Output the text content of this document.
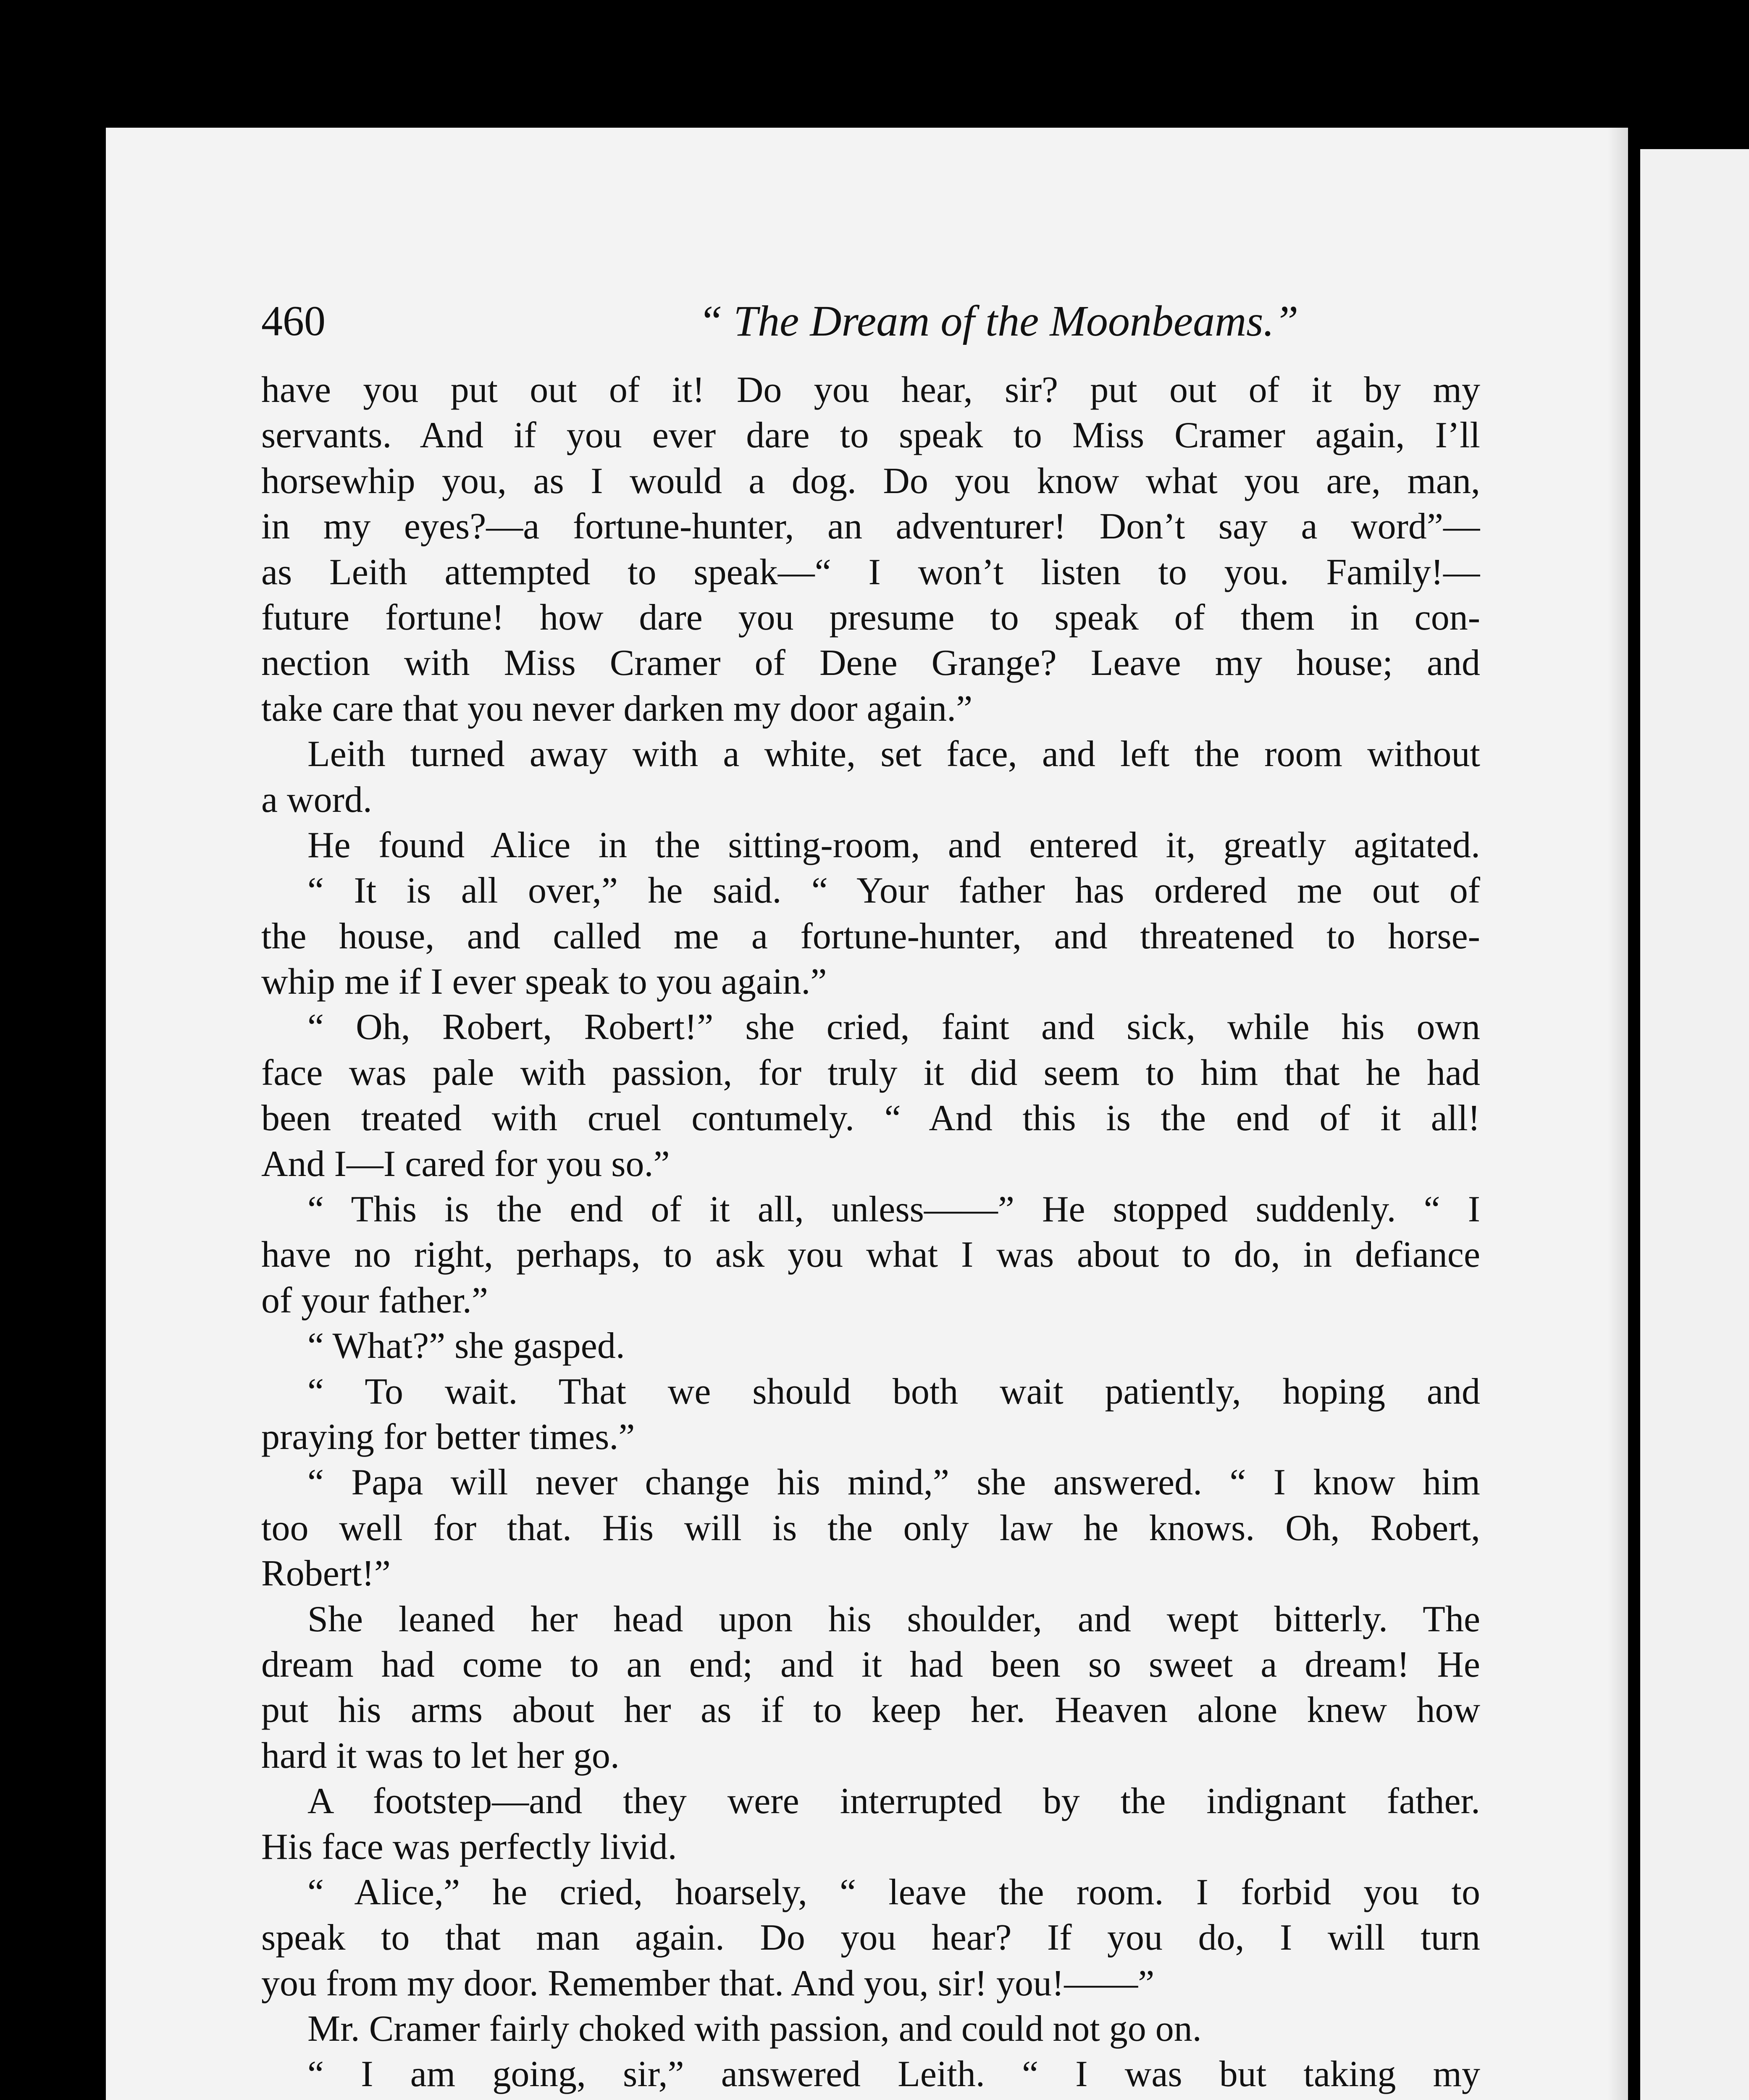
460	“ The Dream of the Moonbeams.”
have you put out of it! Do you hear, sir? put out of it by my
servants. And if you ever dare to speak to Miss Cramer again, I’ll
horsewhip you, as I would a dog. Do you know what you are, man,
in my eyes?—a fortune-hunter, an adventurer! Don’t say a word”—
as Leith attempted to speak—“ I won’t listen to you. Family!—
future fortune! how dare you presume to speak of them in con-
nection with Miss Cramer of Dene Grange? Leave my house; and
take care that you never darken my door again.”
Leith turned away with a white, set face, and left the room without
a word.
He found Alice in the sitting-room, and entered it, greatly agitated.
“ It is all over,” he said. “ Your father has ordered me out of
the house, and called me a fortune-hunter, and threatened to horse-
whip me if I ever speak to you again.”
“ Oh, Robert, Robert!” she cried, faint and sick, while his own
face was pale with passion, for truly it did seem to him that he had
been treated with cruel contumely. “ And this is the end of it all!
And I—I cared for you so.”
“ This is the end of it all, unless——” He stopped suddenly. “ I
have no right, perhaps, to ask you what I was about to do, in defiance
of your father.”
“ What?” she gasped.
“ To wait. That we should both wait patiently, hoping and
praying for better times.”
“ Papa will never change his mind,” she answered. “ I know him
too well for that. His will is the only law he knows. Oh, Robert,
Robert!”
She leaned her head upon his shoulder, and wept bitterly. The
dream had come to an end; and it had been so sweet a dream! He
put his arms about her as if to keep her. Heaven alone knew how
hard it was to let her go.
A footstep—and they were interrupted by the indignant father.
His face was perfectly livid.
“ Alice,” he cried, hoarsely, “ leave the room. I forbid you to
speak to that man again. Do you hear? If you do, I will turn
you from my door. Remember that. And you, sir! you!——”
Mr. Cramer fairly choked with passion, and could not go on.
“ I am going, sir,” answered Leith. “ I was but taking my
